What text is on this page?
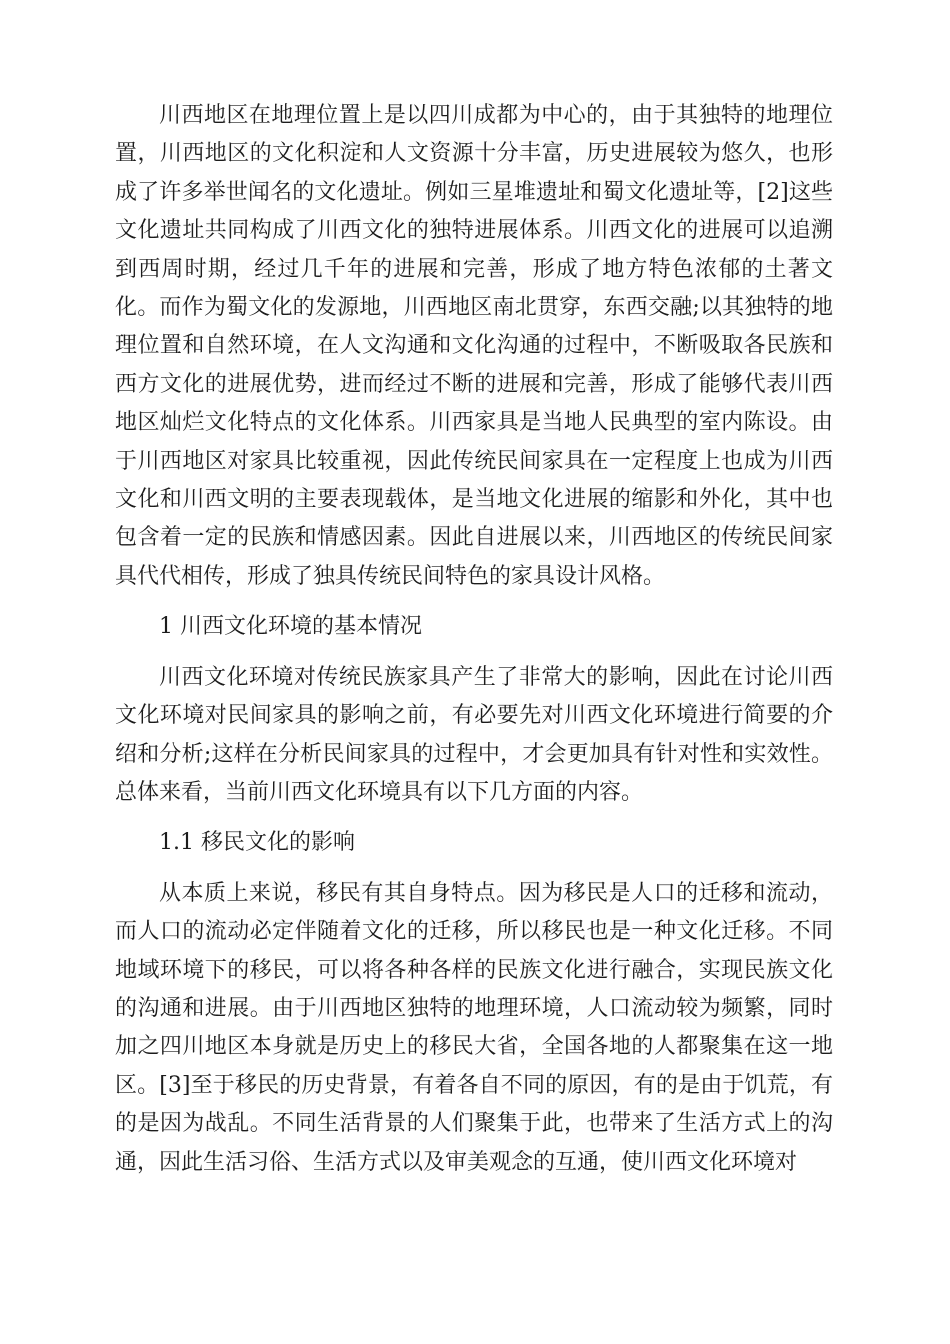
川西地区在地理位置上是以四川成都为中心的，由于其独特的地理位置，川西地区的文化积淀和人文资源十分丰富，历史进展较为悠久，也形成了许多举世闻名的文化遗址。例如三星堆遗址和蜀文化遗址等，[2]这些文化遗址共同构成了川西文化的独特进展体系。川西文化的进展可以追溯到西周时期，经过几千年的进展和完善，形成了地方特色浓郁的土著文化。而作为蜀文化的发源地，川西地区南北贯穿，东西交融;以其独特的地理位置和自然环境，在人文沟通和文化沟通的过程中，不断吸取各民族和西方文化的进展优势，进而经过不断的进展和完善，形成了能够代表川西地区灿烂文化特点的文化体系。川西家具是当地人民典型的室内陈设。由于川西地区对家具比较重视，因此传统民间家具在一定程度上也成为川西文化和川西文明的主要表现载体，是当地文化进展的缩影和外化，其中也包含着一定的民族和情感因素。因此自进展以来，川西地区的传统民间家具代代相传，形成了独具传统民间特色的家具设计风格。

1 川西文化环境的基本情况

川西文化环境对传统民族家具产生了非常大的影响，因此在讨论川西文化环境对民间家具的影响之前，有必要先对川西文化环境进行简要的介绍和分析;这样在分析民间家具的过程中，才会更加具有针对性和实效性。总体来看，当前川西文化环境具有以下几方面的内容。

1.1 移民文化的影响

从本质上来说，移民有其自身特点。因为移民是人口的迁移和流动，而人口的流动必定伴随着文化的迁移，所以移民也是一种文化迁移。不同地域环境下的移民，可以将各种各样的民族文化进行融合，实现民族文化的沟通和进展。由于川西地区独特的地理环境，人口流动较为频繁，同时加之四川地区本身就是历史上的移民大省，全国各地的人都聚集在这一地区。[3]至于移民的历史背景，有着各自不同的原因，有的是由于饥荒，有的是因为战乱。不同生活背景的人们聚集于此，也带来了生活方式上的沟通，因此生活习俗、生活方式以及审美观念的互通，使川西文化环境对
